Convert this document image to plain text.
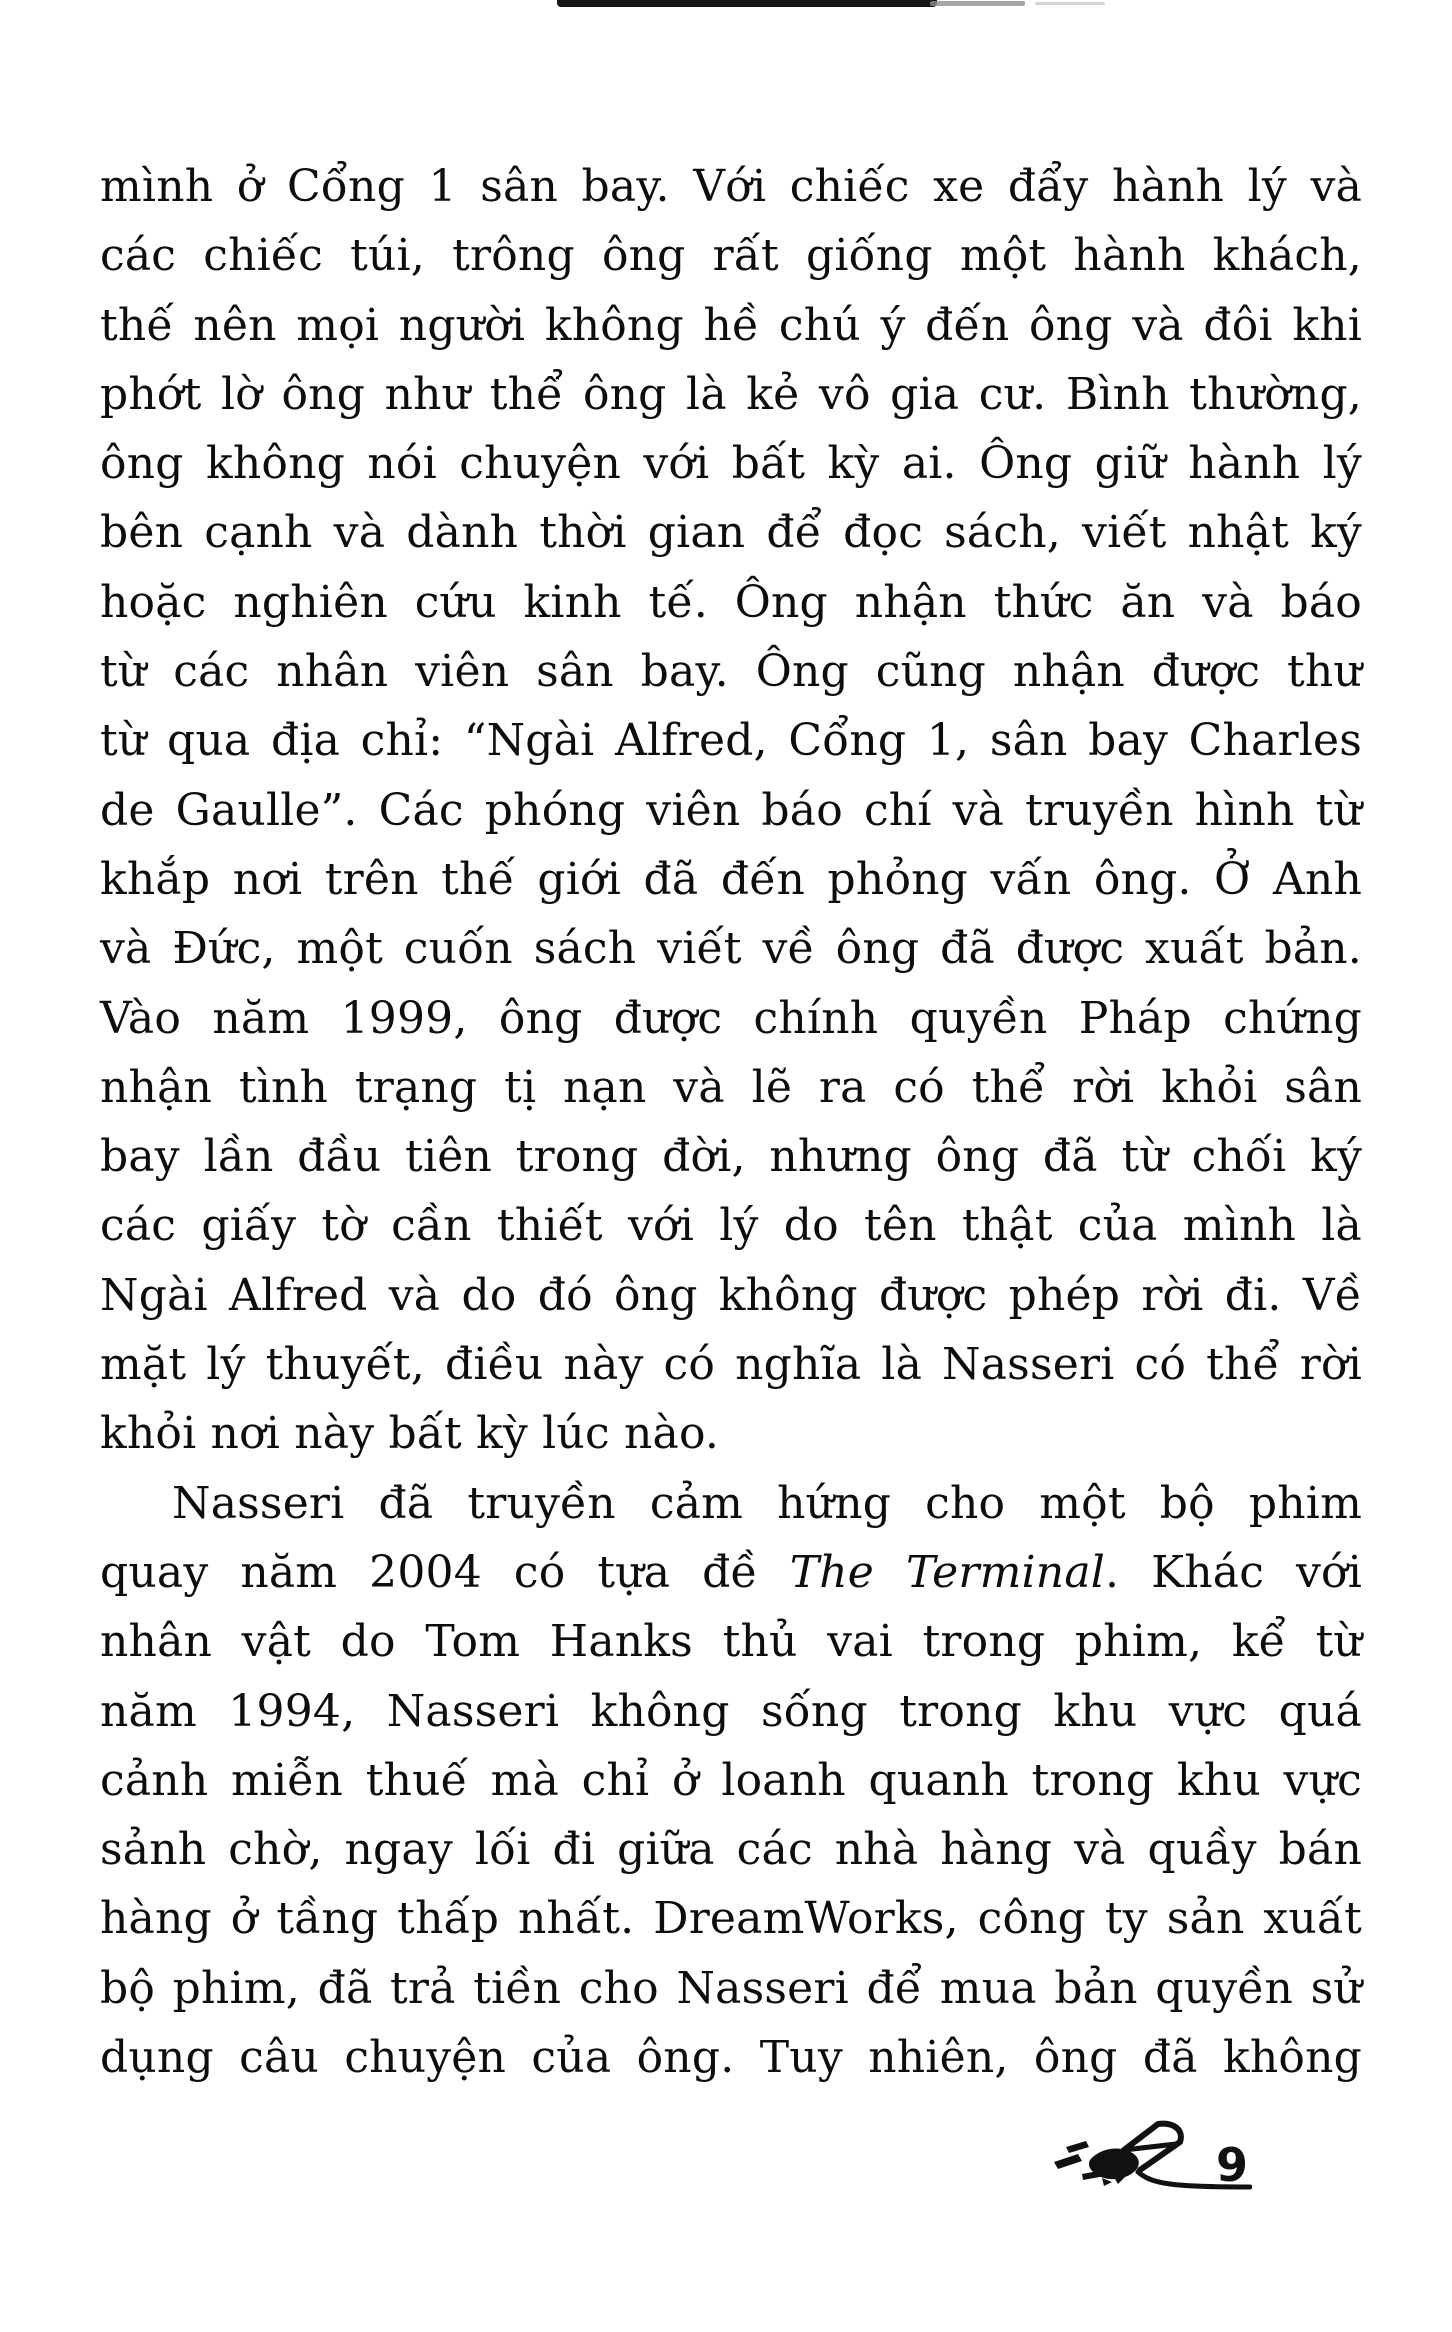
mình ở Cổng 1 sân bay. Với chiếc xe đẩy hành lý và
các chiếc túi, trông ông rất giống một hành khách,
thế nên mọi người không hề chú ý đến ông và đôi khi
phớt lờ ông như thể ông là kẻ vô gia cư. Bình thường,
ông không nói chuyện với bất kỳ ai. Ông giữ hành lý
bên cạnh và dành thời gian để đọc sách, viết nhật ký
hoặc nghiên cứu kinh tế. Ông nhận thức ăn và báo
từ các nhân viên sân bay. Ông cũng nhận được thư
từ qua địa chỉ: “Ngài Alfred, Cổng 1, sân bay Charles
de Gaulle”. Các phóng viên báo chí và truyền hình từ
khắp nơi trên thế giới đã đến phỏng vấn ông. Ở Anh
và Đức, một cuốn sách viết về ông đã được xuất bản.
Vào năm 1999, ông được chính quyền Pháp chứng
nhận tình trạng tị nạn và lẽ ra có thể rời khỏi sân
bay lần đầu tiên trong đời, nhưng ông đã từ chối ký
các giấy tờ cần thiết với lý do tên thật của mình là
Ngài Alfred và do đó ông không được phép rời đi. Về
mặt lý thuyết, điều này có nghĩa là Nasseri có thể rời
khỏi nơi này bất kỳ lúc nào.
Nasseri đã truyền cảm hứng cho một bộ phim
quay năm 2004 có tựa đề The Terminal. Khác với
nhân vật do Tom Hanks thủ vai trong phim, kể từ
năm 1994, Nasseri không sống trong khu vực quá
cảnh miễn thuế mà chỉ ở loanh quanh trong khu vực
sảnh chờ, ngay lối đi giữa các nhà hàng và quầy bán
hàng ở tầng thấp nhất. DreamWorks, công ty sản xuất
bộ phim, đã trả tiền cho Nasseri để mua bản quyền sử
dụng câu chuyện của ông. Tuy nhiên, ông đã không
9
